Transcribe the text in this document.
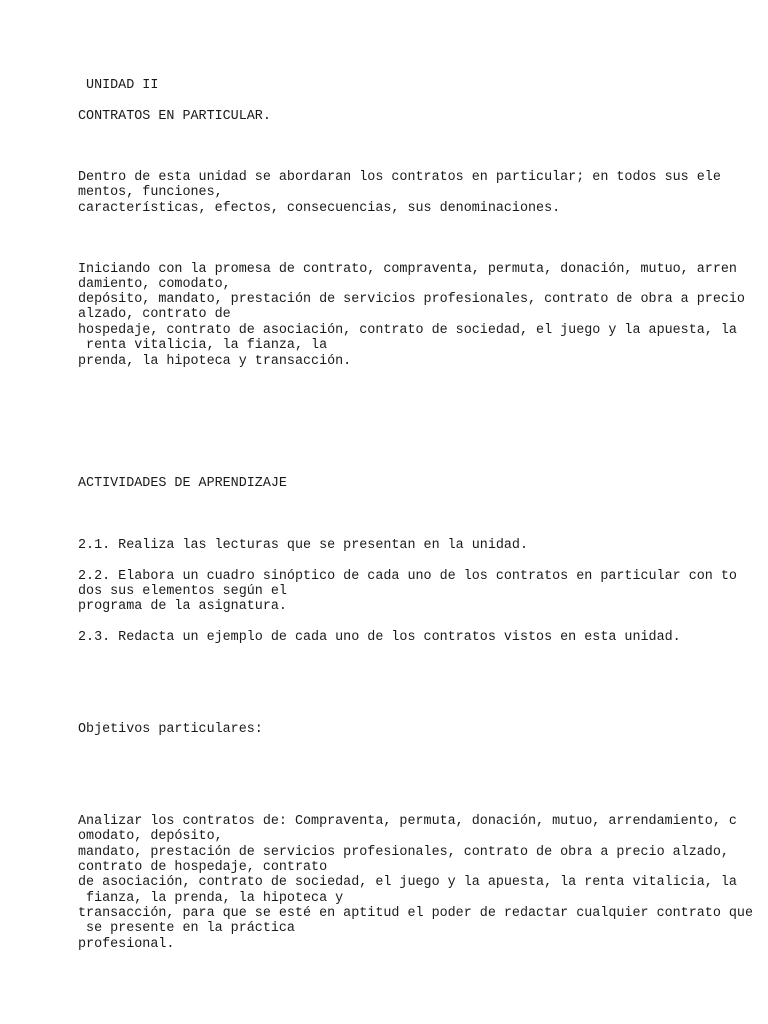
UNIDAD II

CONTRATOS EN PARTICULAR.

Dentro de esta unidad se abordaran los contratos en particular; en todos sus ele

mentos, funciones,

características, efectos, consecuencias, sus denominaciones.

Iniciando con la promesa de contrato, compraventa, permuta, donación, mutuo, arren

damiento, comodato,

depósito, mandato, prestación de servicios profesionales, contrato de obra a precio

alzado, contrato de

hospedaje, contrato de asociación, contrato de sociedad, el juego y la apuesta, la

renta vitalicia, la fianza, la

prenda, la hipoteca y transacción.

ACTIVIDADES DE APRENDIZAJE

2.1. Realiza las lecturas que se presentan en la unidad.

2.2. Elabora un cuadro sinóptico de cada uno de los contratos en particular con to

dos sus elementos según el

programa de la asignatura.

2.3. Redacta un ejemplo de cada uno de los contratos vistos en esta unidad.

Objetivos particulares:

Analizar los contratos de: Compraventa, permuta, donación, mutuo, arrendamiento, c

omodato, depósito,

mandato, prestación de servicios profesionales, contrato de obra a precio alzado,

contrato de hospedaje, contrato

de asociación, contrato de sociedad, el juego y la apuesta, la renta vitalicia, la

fianza, la prenda, la hipoteca y

transacción, para que se esté en aptitud el poder de redactar cualquier contrato que

se presente en la práctica

profesional.
